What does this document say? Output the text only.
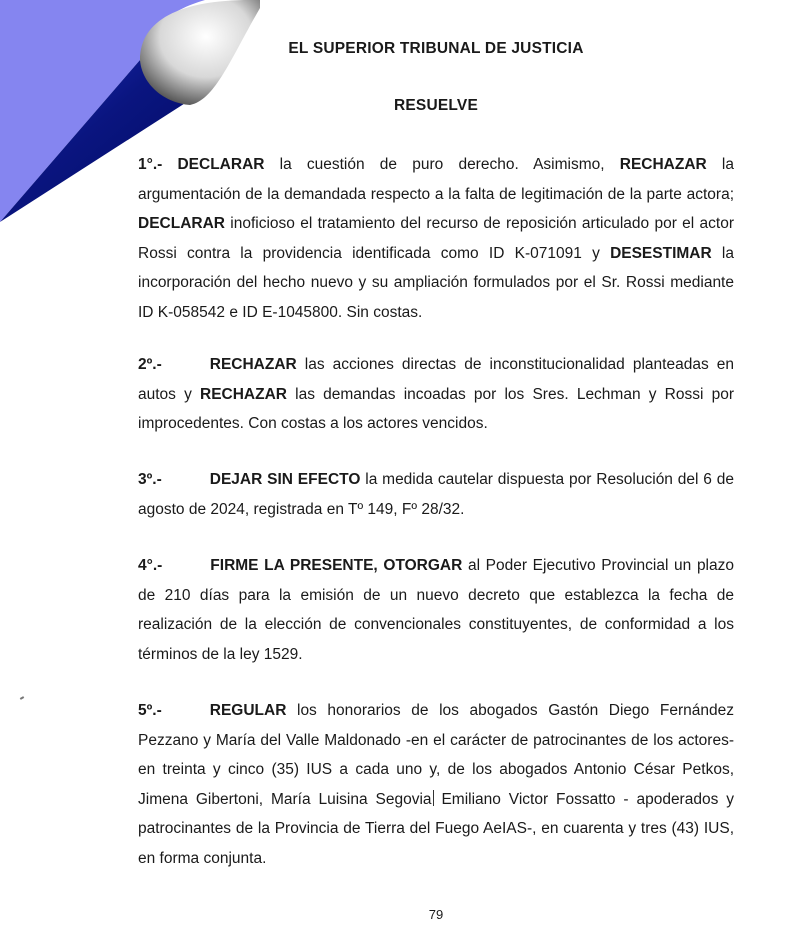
EL SUPERIOR TRIBUNAL DE JUSTICIA
RESUELVE
1°.- DECLARAR la cuestión de puro derecho. Asimismo, RECHAZAR la argumentación de la demandada respecto a la falta de legitimación de la parte actora; DECLARAR inoficioso el tratamiento del recurso de reposición articulado por el actor Rossi contra la providencia identificada como ID K-071091 y DESESTIMAR la incorporación del hecho nuevo y su ampliación formulados por el Sr. Rossi mediante ID K-058542 e ID E-1045800. Sin costas.
2º.-	RECHAZAR las acciones directas de inconstitucionalidad planteadas en autos y RECHAZAR las demandas incoadas por los Sres. Lechman y Rossi por improcedentes. Con costas a los actores vencidos.
3º.-	DEJAR SIN EFECTO la medida cautelar dispuesta por Resolución del 6 de agosto de 2024, registrada en Tº 149, Fº 28/32.
4°.-	FIRME LA PRESENTE, OTORGAR al Poder Ejecutivo Provincial un plazo de 210 días para la emisión de un nuevo decreto que establezca la fecha de realización de la elección de convencionales constituyentes, de conformidad a los términos de la ley 1529.
5º.-	REGULAR los honorarios de los abogados Gastón Diego Fernández Pezzano y María del Valle Maldonado -en el carácter de patrocinantes de los actores- en treinta y cinco (35) IUS a cada uno y, de los abogados Antonio César Petkos, Jimena Gibertoni, María Luisina Segovia Emiliano Victor Fossatto - apoderados y patrocinantes de la Provincia de Tierra del Fuego AeIAS-, en cuarenta y tres (43) IUS, en forma conjunta.
79
